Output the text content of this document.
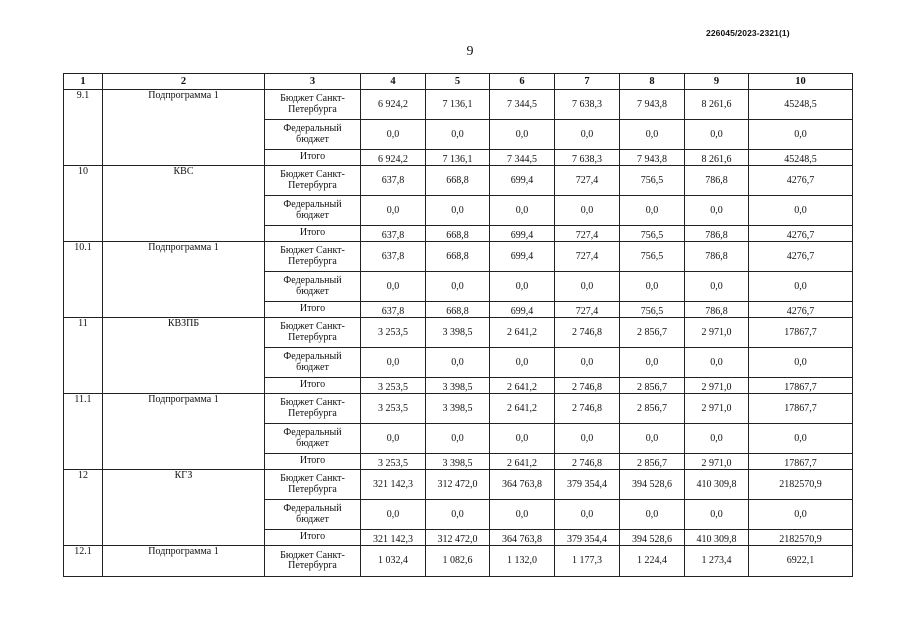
226045/2023-2321(1)
9
1	2	3	4	5	6	7	8	9	10
9.1	Подпрограмма 1	Бюджет Санкт-Петербурга	6 924,2	7 136,1	7 344,5	7 638,3	7 943,8	8 261,6	45248,5
		Федеральный бюджет	0,0	0,0	0,0	0,0	0,0	0,0	0,0
		Итого	6 924,2	7 136,1	7 344,5	7 638,3	7 943,8	8 261,6	45248,5
10	КВС	Бюджет Санкт-Петербурга	637,8	668,8	699,4	727,4	756,5	786,8	4276,7
		Федеральный бюджет	0,0	0,0	0,0	0,0	0,0	0,0	0,0
		Итого	637,8	668,8	699,4	727,4	756,5	786,8	4276,7
10.1	Подпрограмма 1	Бюджет Санкт-Петербурга	637,8	668,8	699,4	727,4	756,5	786,8	4276,7
		Федеральный бюджет	0,0	0,0	0,0	0,0	0,0	0,0	0,0
		Итого	637,8	668,8	699,4	727,4	756,5	786,8	4276,7
11	КВЗПБ	Бюджет Санкт-Петербурга	3 253,5	3 398,5	2 641,2	2 746,8	2 856,7	2 971,0	17867,7
		Федеральный бюджет	0,0	0,0	0,0	0,0	0,0	0,0	0,0
		Итого	3 253,5	3 398,5	2 641,2	2 746,8	2 856,7	2 971,0	17867,7
11.1	Подпрограмма 1	Бюджет Санкт-Петербурга	3 253,5	3 398,5	2 641,2	2 746,8	2 856,7	2 971,0	17867,7
		Федеральный бюджет	0,0	0,0	0,0	0,0	0,0	0,0	0,0
		Итого	3 253,5	3 398,5	2 641,2	2 746,8	2 856,7	2 971,0	17867,7
12	КГЗ	Бюджет Санкт-Петербурга	321 142,3	312 472,0	364 763,8	379 354,4	394 528,6	410 309,8	2182570,9
		Федеральный бюджет	0,0	0,0	0,0	0,0	0,0	0,0	0,0
		Итого	321 142,3	312 472,0	364 763,8	379 354,4	394 528,6	410 309,8	2182570,9
12.1	Подпрограмма 1	Бюджет Санкт-Петербурга	1 032,4	1 082,6	1 132,0	1 177,3	1 224,4	1 273,4	6922,1
